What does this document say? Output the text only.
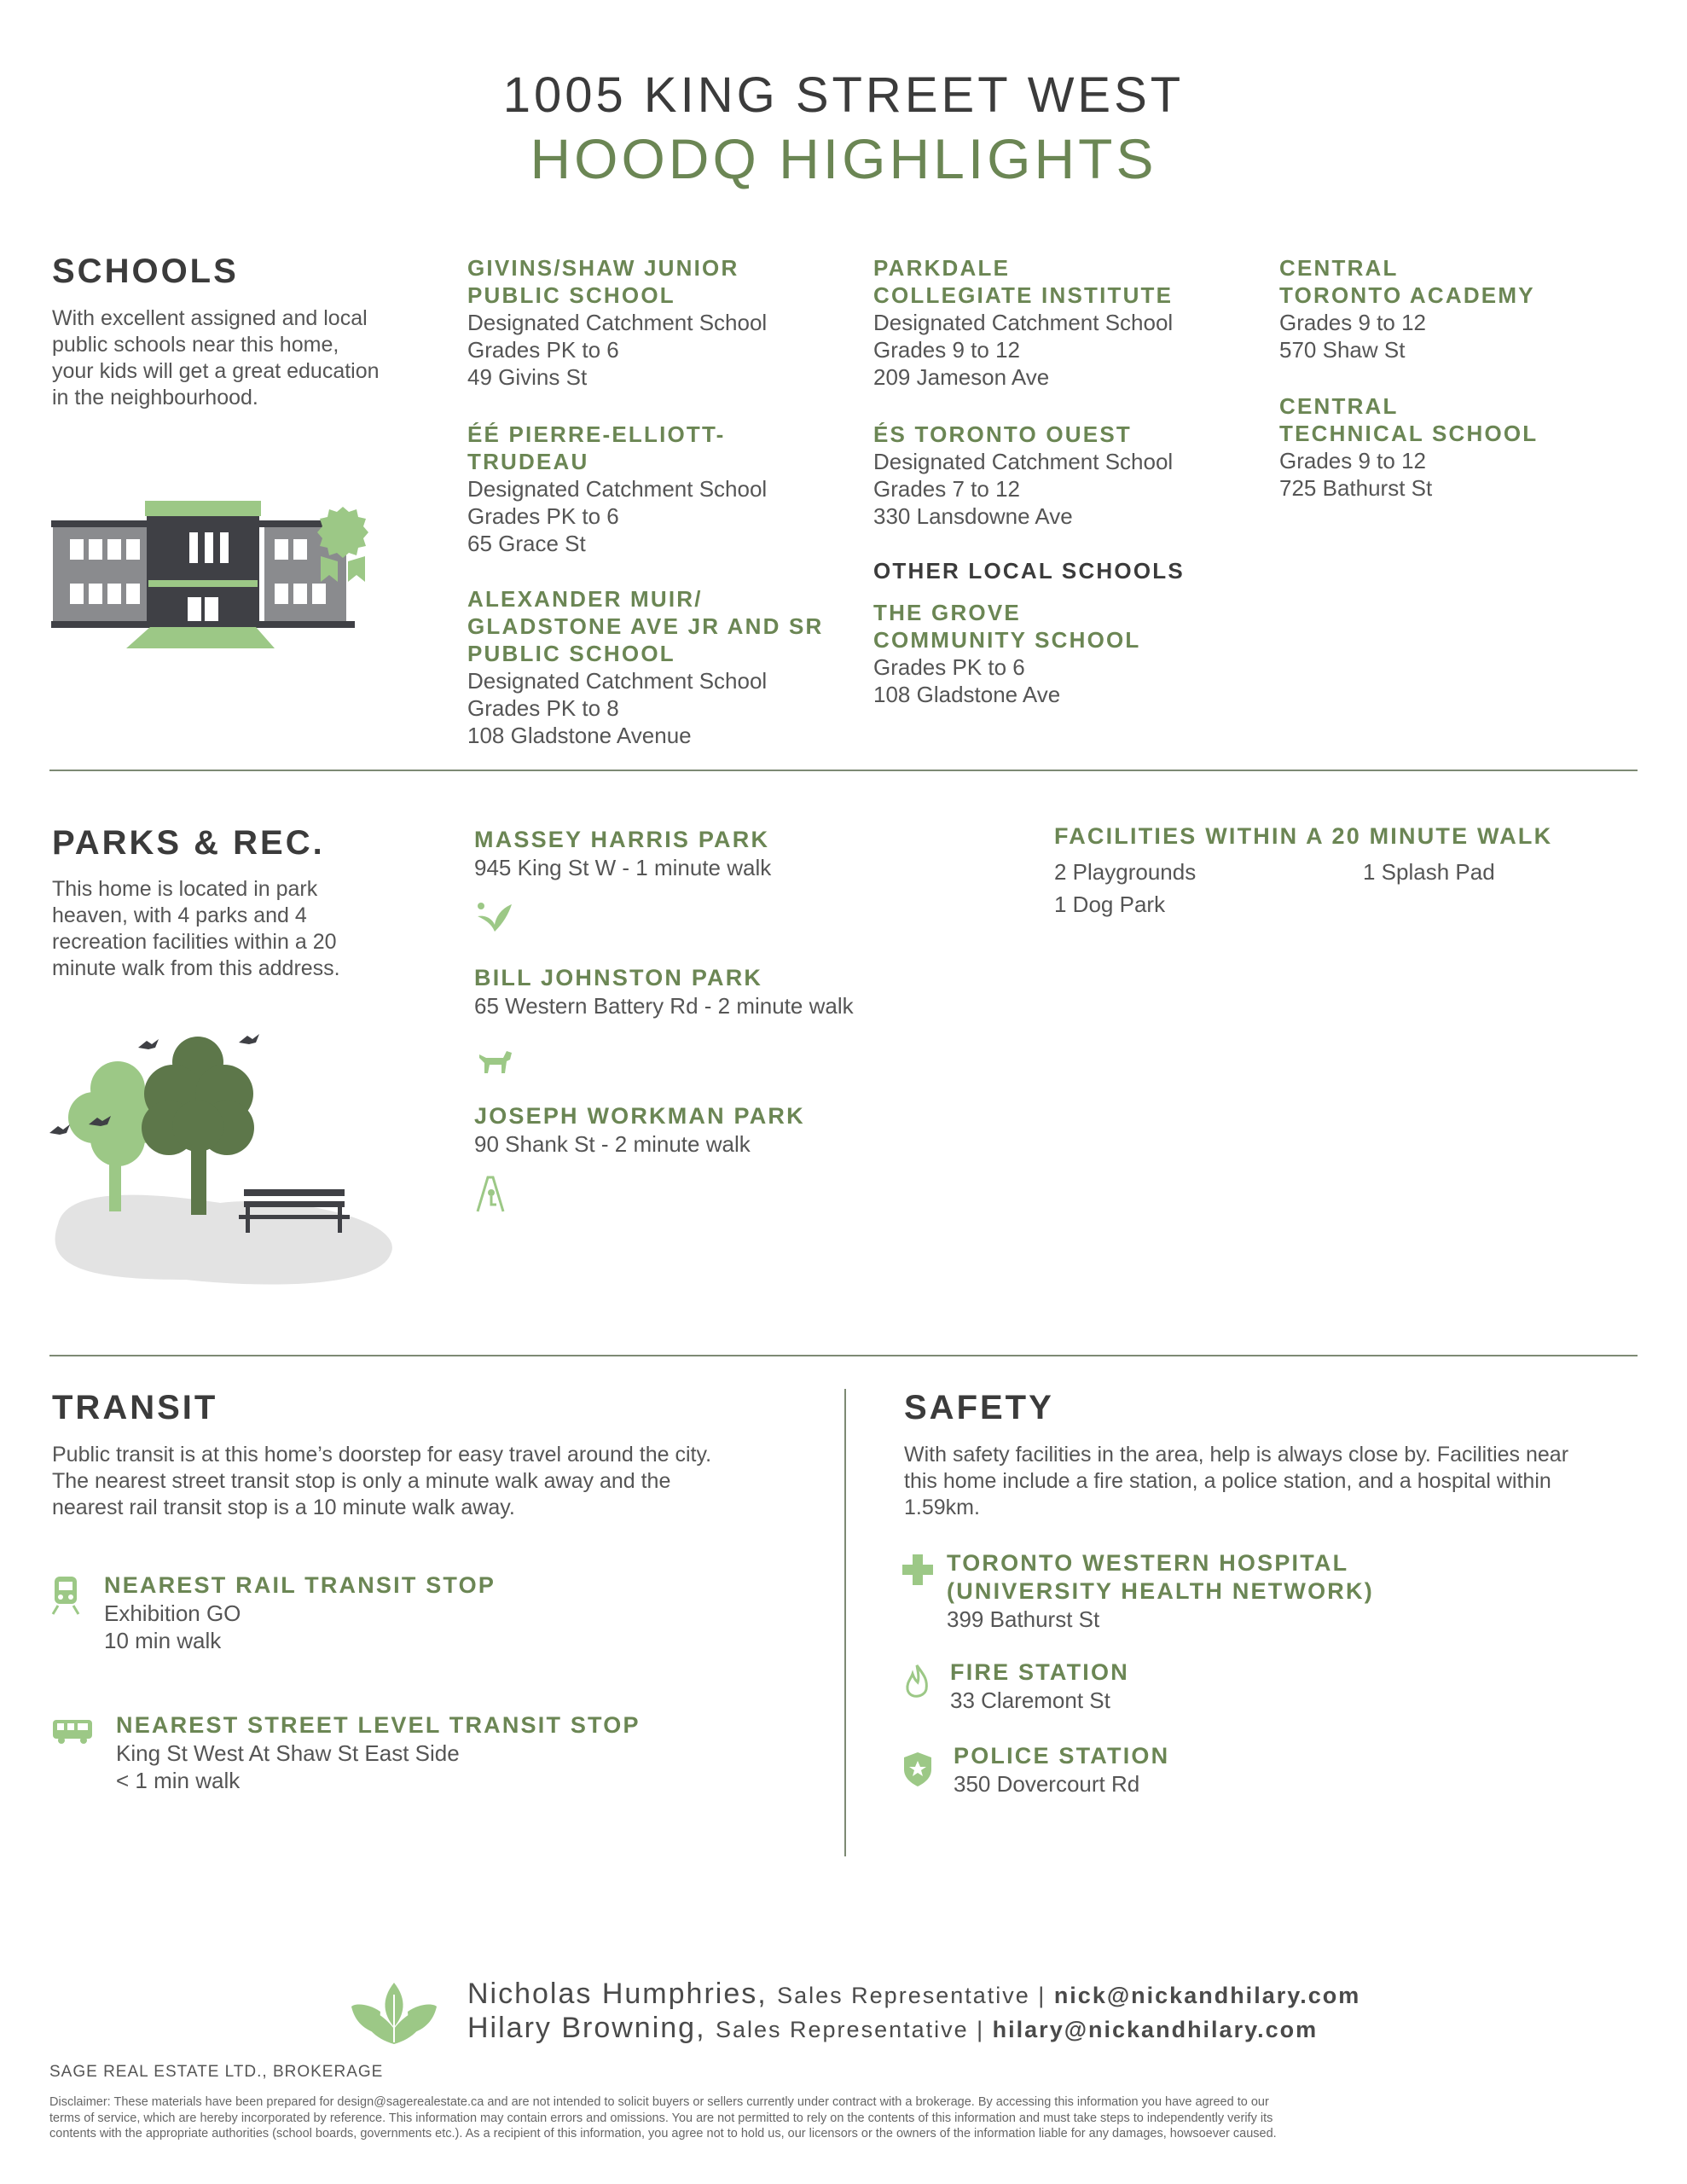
1005 KING STREET WEST
HOODQ HIGHLIGHTS
SCHOOLS
With excellent assigned and local
public schools near this home,
your kids will get a great education
in the neighbourhood.
GIVINS/SHAW JUNIOR
PUBLIC SCHOOL
Designated Catchment School
Grades PK to 6
49 Givins St
ÉÉ PIERRE-ELLIOTT-
TRUDEAU
Designated Catchment School
Grades PK to 6
65 Grace St
ALEXANDER MUIR/
GLADSTONE AVE JR AND SR
PUBLIC SCHOOL
Designated Catchment School
Grades PK to 8
108 Gladstone Avenue
PARKDALE
COLLEGIATE INSTITUTE
Designated Catchment School
Grades 9 to 12
209 Jameson Ave
ÉS TORONTO OUEST
Designated Catchment School
Grades 7 to 12
330 Lansdowne Ave
OTHER LOCAL SCHOOLS
THE GROVE
COMMUNITY SCHOOL
Grades PK to 6
108 Gladstone Ave
CENTRAL
TORONTO ACADEMY
Grades 9 to 12
570 Shaw St
CENTRAL
TECHNICAL SCHOOL
Grades 9 to 12
725 Bathurst St
PARKS & REC.
This home is located in park
heaven, with 4 parks and 4
recreation facilities within a 20
minute walk from this address.
MASSEY HARRIS PARK
945 King St W - 1 minute walk
BILL JOHNSTON PARK
65 Western Battery Rd - 2 minute walk
JOSEPH WORKMAN PARK
90 Shank St - 2 minute walk
FACILITIES WITHIN A 20 MINUTE WALK
2 Playgrounds	1 Splash Pad
1 Dog Park
TRANSIT
Public transit is at this home’s doorstep for easy travel around the city.
The nearest street transit stop is only a minute walk away and the
nearest rail transit stop is a 10 minute walk away.
NEAREST RAIL TRANSIT STOP
Exhibition GO
10 min walk
NEAREST STREET LEVEL TRANSIT STOP
King St West At Shaw St East Side
< 1 min walk
SAFETY
With safety facilities in the area, help is always close by. Facilities near
this home include a fire station, a police station, and a hospital within
1.59km.
TORONTO WESTERN HOSPITAL
(UNIVERSITY HEALTH NETWORK)
399 Bathurst St
FIRE STATION
33 Claremont St
POLICE STATION
350 Dovercourt Rd
Nicholas Humphries, Sales Representative | nick@nickandhilary.com
Hilary Browning, Sales Representative | hilary@nickandhilary.com
SAGE REAL ESTATE LTD., BROKERAGE
Disclaimer: These materials have been prepared for design@sagerealestate.ca and are not intended to solicit buyers or sellers currently under contract with a brokerage. By accessing this information you have agreed to our
terms of service, which are hereby incorporated by reference. This information may contain errors and omissions. You are not permitted to rely on the contents of this information and must take steps to independently verify its
contents with the appropriate authorities (school boards, governments etc.). As a recipient of this information, you agree not to hold us, our licensors or the owners of the information liable for any damages, howsoever caused.
